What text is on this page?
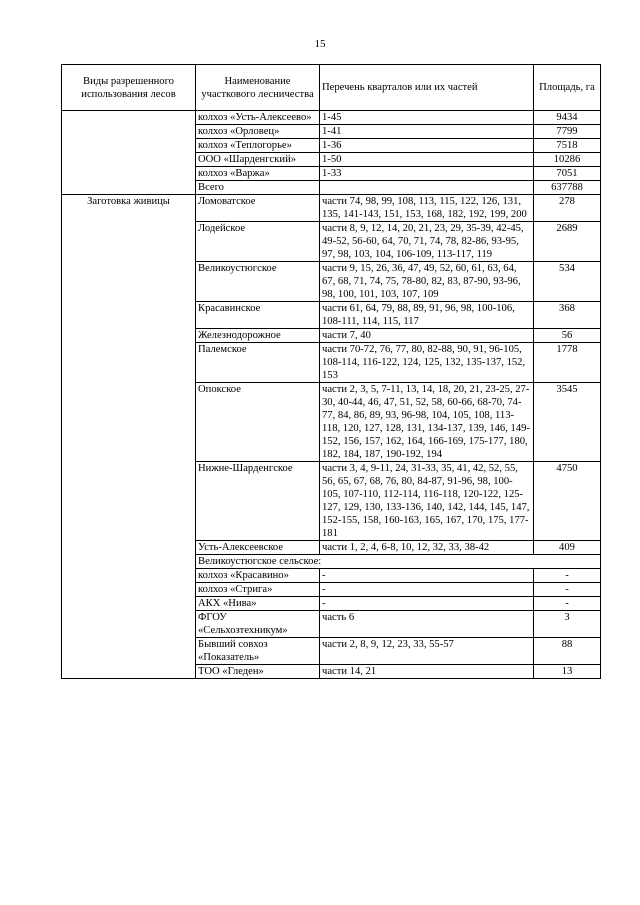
15
Виды разрешенного использования лесов	Наименование участкового лесничества	Перечень кварталов или их частей	Площадь, га
	колхоз «Усть-Алексеево»	1-45	9434
	колхоз «Орловец»	1-41	7799
	колхоз «Теплогорье»	1-36	7518
	ООО «Шарденгский»	1-50	10286
	колхоз «Варжа»	1-33	7051
	Всего		637788
Заготовка живицы	Ломоватское	части 74, 98, 99, 108, 113, 115, 122, 126, 131, 135, 141-143, 151, 153, 168, 182, 192, 199, 200	278
	Лодейское	части 8, 9, 12, 14, 20, 21, 23, 29, 35-39, 42-45, 49-52, 56-60, 64, 70, 71, 74, 78, 82-86, 93-95, 97, 98, 103, 104, 106-109, 113-117, 119	2689
	Великоустюгское	части 9, 15, 26, 36, 47, 49, 52, 60, 61, 63, 64, 67, 68, 71, 74, 75, 78-80, 82, 83, 87-90, 93-96, 98, 100, 101, 103, 107, 109	534
	Красавинское	части 61, 64, 79, 88, 89, 91, 96, 98, 100-106, 108-111, 114, 115, 117	368
	Железнодорожное	части 7, 40	56
	Палемское	части 70-72, 76, 77, 80, 82-88, 90, 91, 96-105, 108-114, 116-122, 124, 125, 132, 135-137, 152, 153	1778
	Опокское	части 2, 3, 5, 7-11, 13, 14, 18, 20, 21, 23-25, 27-30, 40-44, 46, 47, 51, 52, 58, 60-66, 68-70, 74-77, 84, 86, 89, 93, 96-98, 104, 105, 108, 113-118, 120, 127, 128, 131, 134-137, 139, 146, 149-152, 156, 157, 162, 164, 166-169, 175-177, 180, 182, 184, 187, 190-192, 194	3545
	Нижне-Шарденгское	части 3, 4, 9-11, 24, 31-33, 35, 41, 42, 52, 55, 56, 65, 67, 68, 76, 80, 84-87, 91-96, 98, 100-105, 107-110, 112-114, 116-118, 120-122, 125-127, 129, 130, 133-136, 140, 142, 144, 145, 147, 152-155, 158, 160-163, 165, 167, 170, 175, 177-181	4750
	Усть-Алексеевское	части 1, 2, 4, 6-8, 10, 12, 32, 33, 38-42	409
	Великоустюгское сельское:		
	колхоз «Красавино»	-	-
	колхоз «Стрига»	-	-
	АКХ «Нива»	-	-
	ФГОУ «Сельхозтехникум»	часть 6	3
	Бывший совхоз «Показатель»	части 2, 8, 9, 12, 23, 33, 55-57	88
	ТОО «Гледен»	части 14, 21	13
